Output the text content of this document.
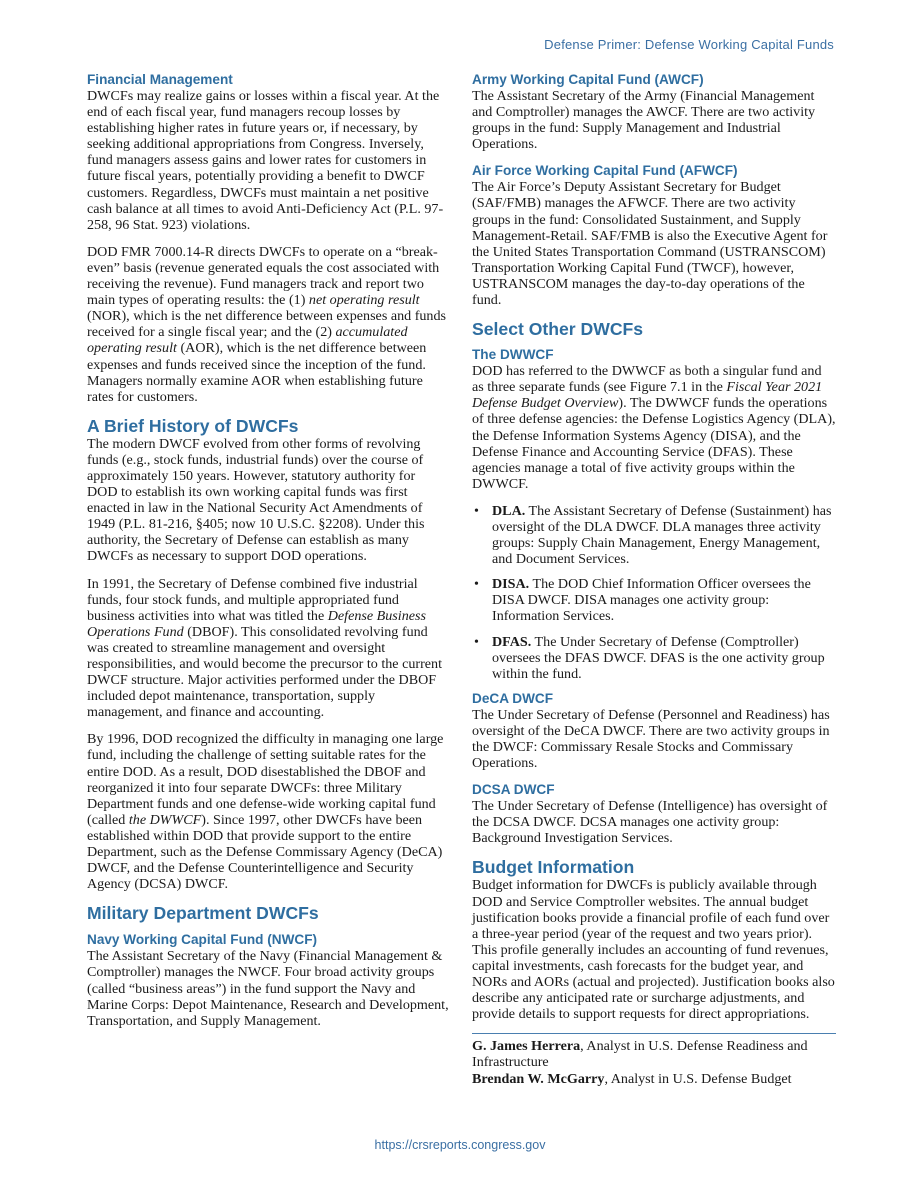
Defense Primer: Defense Working Capital Funds
Financial Management

DWCFs may realize gains or losses within a fiscal year. At the end of each fiscal year, fund managers recoup losses by establishing higher rates in future years or, if necessary, by seeking additional appropriations from Congress. Inversely, fund managers assess gains and lower rates for customers in future fiscal years, potentially providing a benefit to DWCF customers. Regardless, DWCFs must maintain a net positive cash balance at all times to avoid Anti-Deficiency Act (P.L. 97-258, 96 Stat. 923) violations.

DOD FMR 7000.14-R directs DWCFs to operate on a “break-even” basis (revenue generated equals the cost associated with receiving the revenue). Fund managers track and report two main types of operating results: the (1) net operating result (NOR), which is the net difference between expenses and funds received for a single fiscal year; and the (2) accumulated operating result (AOR), which is the net difference between expenses and funds received since the inception of the fund. Managers normally examine AOR when establishing future rates for customers.

A Brief History of DWCFs

The modern DWCF evolved from other forms of revolving funds (e.g., stock funds, industrial funds) over the course of approximately 150 years. However, statutory authority for DOD to establish its own working capital funds was first enacted in law in the National Security Act Amendments of 1949 (P.L. 81-216, §405; now 10 U.S.C. §2208). Under this authority, the Secretary of Defense can establish as many DWCFs as necessary to support DOD operations.

In 1991, the Secretary of Defense combined five industrial funds, four stock funds, and multiple appropriated fund business activities into what was titled the Defense Business Operations Fund (DBOF). This consolidated revolving fund was created to streamline management and oversight responsibilities, and would become the precursor to the current DWCF structure. Major activities performed under the DBOF included depot maintenance, transportation, supply management, and finance and accounting.

By 1996, DOD recognized the difficulty in managing one large fund, including the challenge of setting suitable rates for the entire DOD. As a result, DOD disestablished the DBOF and reorganized it into four separate DWCFs: three Military Department funds and one defense-wide working capital fund (called the DWWCF). Since 1997, other DWCFs have been established within DOD that provide support to the entire Department, such as the Defense Commissary Agency (DeCA) DWCF, and the Defense Counterintelligence and Security Agency (DCSA) DWCF.

Military Department DWCFs
Navy Working Capital Fund (NWCF)

The Assistant Secretary of the Navy (Financial Management & Comptroller) manages the NWCF. Four broad activity groups (called “business areas”) in the fund support the Navy and Marine Corps: Depot Maintenance, Research and Development, Transportation, and Supply Management.

Army Working Capital Fund (AWCF)

The Assistant Secretary of the Army (Financial Management and Comptroller) manages the AWCF. There are two activity groups in the fund: Supply Management and Industrial Operations.

Air Force Working Capital Fund (AFWCF)

The Air Force’s Deputy Assistant Secretary for Budget (SAF/FMB) manages the AFWCF. There are two activity groups in the fund: Consolidated Sustainment, and Supply Management-Retail. SAF/FMB is also the Executive Agent for the United States Transportation Command (USTRANSCOM) Transportation Working Capital Fund (TWCF), however, USTRANSCOM manages the day-to-day operations of the fund.

Select Other DWCFs
The DWWCF

DOD has referred to the DWWCF as both a singular fund and as three separate funds (see Figure 7.1 in the Fiscal Year 2021 Defense Budget Overview). The DWWCF funds the operations of three defense agencies: the Defense Logistics Agency (DLA), the Defense Information Systems Agency (DISA), and the Defense Finance and Accounting Service (DFAS). These agencies manage a total of five activity groups within the DWWCF.

• DLA. The Assistant Secretary of Defense (Sustainment) has oversight of the DLA DWCF. DLA manages three activity groups: Supply Chain Management, Energy Management, and Document Services.
• DISA. The DOD Chief Information Officer oversees the DISA DWCF. DISA manages one activity group: Information Services.
• DFAS. The Under Secretary of Defense (Comptroller) oversees the DFAS DWCF. DFAS is the one activity group within the fund.
DeCA DWCF

The Under Secretary of Defense (Personnel and Readiness) has oversight of the DeCA DWCF. There are two activity groups in the DWCF: Commissary Resale Stocks and Commissary Operations.

DCSA DWCF

The Under Secretary of Defense (Intelligence) has oversight of the DCSA DWCF. DCSA manages one activity group: Background Investigation Services.

Budget Information

Budget information for DWCFs is publicly available through DOD and Service Comptroller websites. The annual budget justification books provide a financial profile of each fund over a three-year period (year of the request and two years prior). This profile generally includes an accounting of fund revenues, capital investments, cash forecasts for the budget year, and NORs and AORs (actual and projected). Justification books also describe any anticipated rate or surcharge adjustments, and provide details to support requests for direct appropriations.

G. James Herrera, Analyst in U.S. Defense Readiness and Infrastructure

Brendan W. McGarry, Analyst in U.S. Defense Budget

https://crsreports.congress.gov
